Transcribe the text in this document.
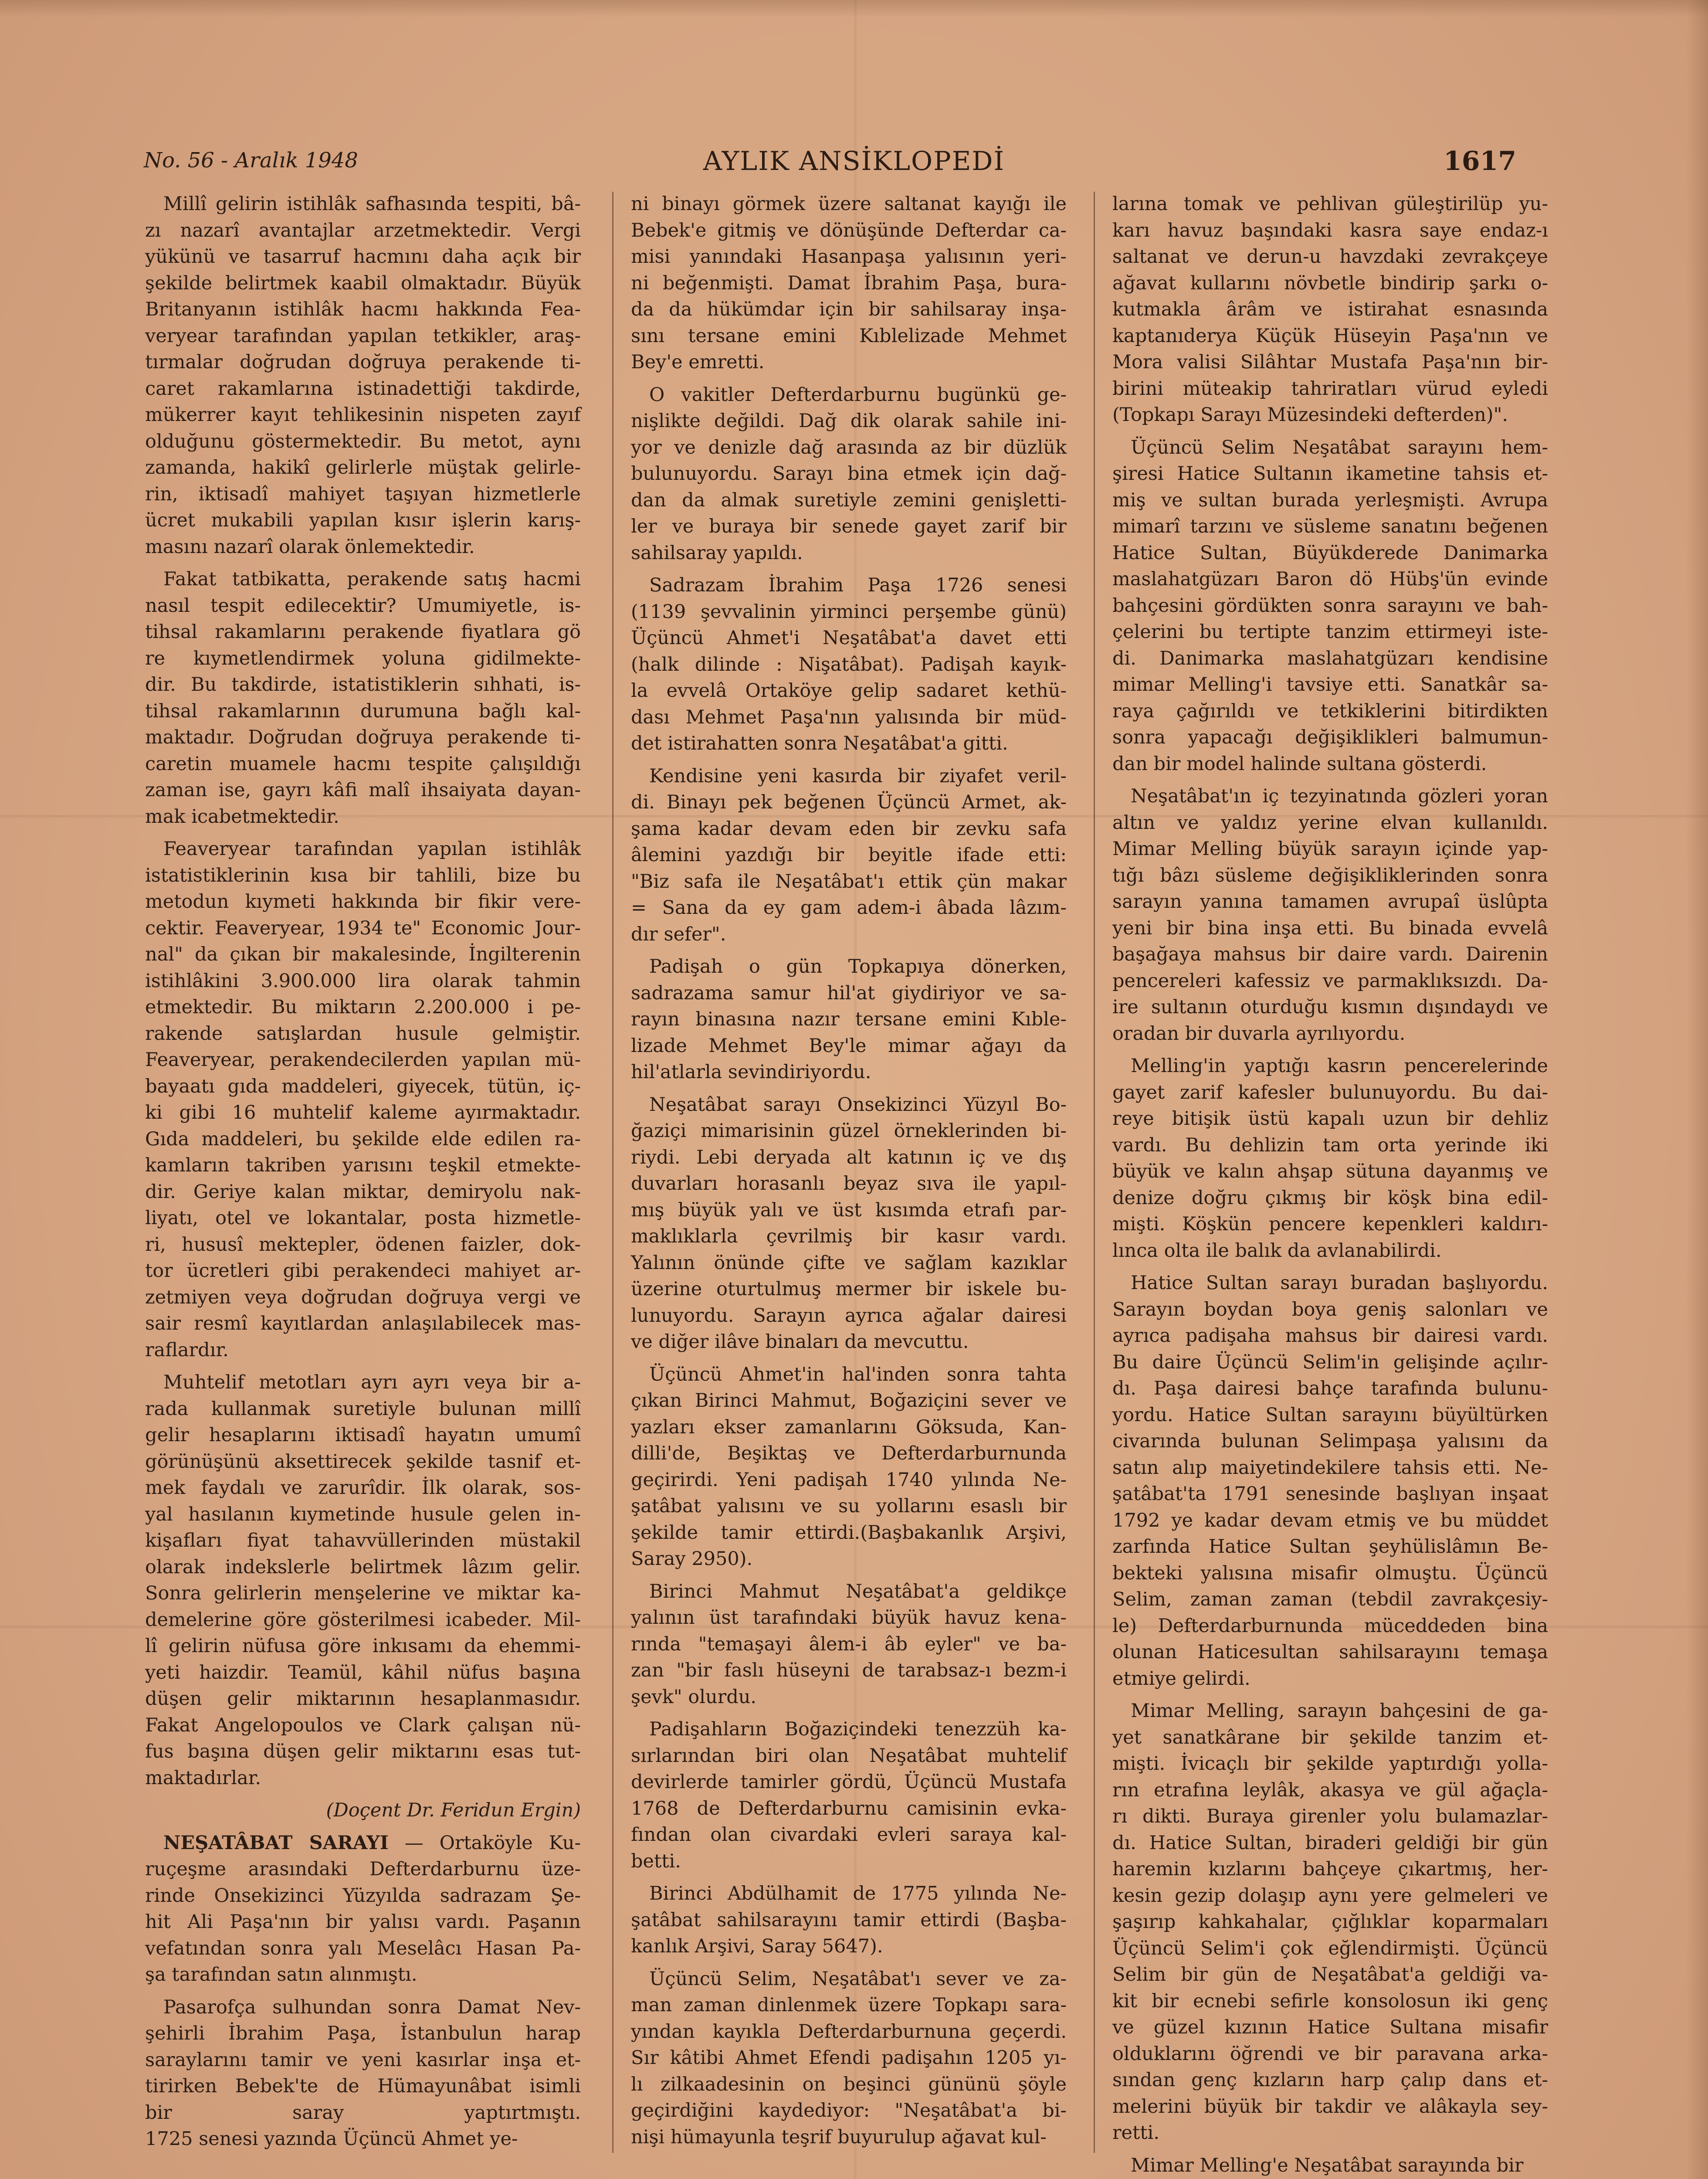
No. 56 - Aralık 1948	AYLIK ANSİKLOPEDİ	1617
Millî gelirin istihlâk safhasında tespiti, bâ-
zı nazarî avantajlar arzetmektedir. Vergi
yükünü ve tasarruf hacmını daha açık bir
şekilde belirtmek kaabil olmaktadır. Büyük
Britanyanın istihlâk hacmı hakkında Fea-
veryear tarafından yapılan tetkikler, araş-
tırmalar doğrudan doğruya perakende ti-
caret rakamlarına istinadettiği takdirde,
mükerrer kayıt tehlikesinin nispeten zayıf
olduğunu göstermektedir. Bu metot, aynı
zamanda, hakikî gelirlerle müştak gelirle-
rin, iktisadî mahiyet taşıyan hizmetlerle
ücret mukabili yapılan kısır işlerin karış-
masını nazarî olarak önlemektedir.
Fakat tatbikatta, perakende satış hacmi
nasıl tespit edilecektir? Umumiyetle, is-
tihsal rakamlarını perakende fiyatlara gö
re kıymetlendirmek yoluna gidilmekte-
dir. Bu takdirde, istatistiklerin sıhhati, is-
tihsal rakamlarının durumuna bağlı kal-
maktadır. Doğrudan doğruya perakende ti-
caretin muamele hacmı tespite çalışıldığı
zaman ise, gayrı kâfi malî ihsaiyata dayan-
mak icabetmektedir.
Feaveryear tarafından yapılan istihlâk
istatistiklerinin kısa bir tahlili, bize bu
metodun kıymeti hakkında bir fikir vere-
cektir. Feaveryear, 1934 te" Economic Jour-
nal" da çıkan bir makalesinde, İngilterenin
istihlâkini 3.900.000 lira olarak tahmin
etmektedir. Bu miktarın 2.200.000 i pe-
rakende satışlardan husule gelmiştir.
Feaveryear, perakendecilerden yapılan mü-
bayaatı gıda maddeleri, giyecek, tütün, iç-
ki gibi 16 muhtelif kaleme ayırmaktadır.
Gıda maddeleri, bu şekilde elde edilen ra-
kamların takriben yarısını teşkil etmekte-
dir. Geriye kalan miktar, demiryolu nak-
liyatı, otel ve lokantalar, posta hizmetle-
ri, hususî mektepler, ödenen faizler, dok-
tor ücretleri gibi perakendeci mahiyet ar-
zetmiyen veya doğrudan doğruya vergi ve
sair resmî kayıtlardan anlaşılabilecek mas-
raflardır.
Muhtelif metotları ayrı ayrı veya bir a-
rada kullanmak suretiyle bulunan millî
gelir hesaplarını iktisadî hayatın umumî
görünüşünü aksettirecek şekilde tasnif et-
mek faydalı ve zarurîdir. İlk olarak, sos-
yal hasılanın kıymetinde husule gelen in-
kişafları fiyat tahavvüllerinden müstakil
olarak indekslerle belirtmek lâzım gelir.
Sonra gelirlerin menşelerine ve miktar ka-
demelerine göre gösterilmesi icabeder. Mil-
lî gelirin nüfusa göre inkısamı da ehemmi-
yeti haizdir. Teamül, kâhil nüfus başına
düşen gelir miktarının hesaplanmasıdır.
Fakat Angelopoulos ve Clark çalışan nü-
fus başına düşen gelir miktarını esas tut-
maktadırlar.
(Doçent Dr. Feridun Ergin)
NEŞATÂBAT SARAYI — Ortaköyle Ku-
ruçeşme arasındaki Defterdarburnu üze-
rinde Onsekizinci Yüzyılda sadrazam Şe-
hit Ali Paşa'nın bir yalısı vardı. Paşanın
vefatından sonra yalı Meselâcı Hasan Pa-
şa tarafından satın alınmıştı.
Pasarofça sulhundan sonra Damat Nev-
şehirli İbrahim Paşa, İstanbulun harap
saraylarını tamir ve yeni kasırlar inşa et-
tirirken Bebek'te de Hümayunâbat isimli
bir saray yaptırtmıştı.
1725 senesi yazında Üçüncü Ahmet ye-
ni binayı görmek üzere saltanat kayığı ile
Bebek'e gitmiş ve dönüşünde Defterdar ca-
misi yanındaki Hasanpaşa yalısının yeri-
ni beğenmişti. Damat İbrahim Paşa, bura-
da da hükümdar için bir sahilsaray inşa-
sını tersane emini Kıblelizade Mehmet
Bey'e emretti.
O vakitler Defterdarburnu bugünkü ge-
nişlikte değildi. Dağ dik olarak sahile ini-
yor ve denizle dağ arasında az bir düzlük
bulunuyordu. Sarayı bina etmek için dağ-
dan da almak suretiyle zemini genişletti-
ler ve buraya bir senede gayet zarif bir
sahilsaray yapıldı.
Sadrazam İbrahim Paşa 1726 senesi
(1139 şevvalinin yirminci perşembe günü)
Üçüncü Ahmet'i Neşatâbat'a davet etti
(halk dilinde : Nişatâbat). Padişah kayık-
la evvelâ Ortaköye gelip sadaret kethü-
dası Mehmet Paşa'nın yalısında bir müd-
det istirahatten sonra Neşatâbat'a gitti.
Kendisine yeni kasırda bir ziyafet veril-
di. Binayı pek beğenen Üçüncü Armet, ak-
şama kadar devam eden bir zevku safa
âlemini yazdığı bir beyitle ifade etti:
"Biz safa ile Neşatâbat'ı ettik çün makar
= Sana da ey gam adem-i âbada lâzım-
dır sefer".
Padişah o gün Topkapıya dönerken,
sadrazama samur hil'at giydiriyor ve sa-
rayın binasına nazır tersane emini Kıble-
lizade Mehmet Bey'le mimar ağayı da
hil'atlarla sevindiriyordu.
Neşatâbat sarayı Onsekizinci Yüzyıl Bo-
ğaziçi mimarisinin güzel örneklerinden bi-
riydi. Lebi deryada alt katının iç ve dış
duvarları horasanlı beyaz sıva ile yapıl-
mış büyük yalı ve üst kısımda etrafı par-
maklıklarla çevrilmiş bir kasır vardı.
Yalının önünde çifte ve sağlam kazıklar
üzerine oturtulmuş mermer bir iskele bu-
lunuyordu. Sarayın ayrıca ağalar dairesi
ve diğer ilâve binaları da mevcuttu.
Üçüncü Ahmet'in hal'inden sonra tahta
çıkan Birinci Mahmut, Boğaziçini sever ve
yazları ekser zamanlarını Göksuda, Kan-
dilli'de, Beşiktaş ve Defterdarburnunda
geçirirdi. Yeni padişah 1740 yılında Ne-
şatâbat yalısını ve su yollarını esaslı bir
şekilde tamir ettirdi.(Başbakanlık Arşivi,
Saray 2950).
Birinci Mahmut Neşatâbat'a geldikçe
yalının üst tarafındaki büyük havuz kena-
rında "temaşayi âlem-i âb eyler" ve ba-
zan "bir faslı hüseyni de tarabsaz-ı bezm-i
şevk" olurdu.
Padişahların Boğaziçindeki tenezzüh ka-
sırlarından biri olan Neşatâbat muhtelif
devirlerde tamirler gördü, Üçüncü Mustafa
1768 de Defterdarburnu camisinin evka-
fından olan civardaki evleri saraya kal-
betti.
Birinci Abdülhamit de 1775 yılında Ne-
şatâbat sahilsarayını tamir ettirdi (Başba-
kanlık Arşivi, Saray 5647).
Üçüncü Selim, Neşatâbat'ı sever ve za-
man zaman dinlenmek üzere Topkapı sara-
yından kayıkla Defterdarburnuna geçerdi.
Sır kâtibi Ahmet Efendi padişahın 1205 yı-
lı zilkaadesinin on beşinci gününü şöyle
geçirdiğini kaydediyor: "Neşatâbat'a bi-
nişi hümayunla teşrif buyurulup ağavat kul-
larına tomak ve pehlivan güleştirilüp yu-
karı havuz başındaki kasra saye endaz-ı
saltanat ve derun-u havzdaki zevrakçeye
ağavat kullarını növbetle bindirip şarkı o-
kutmakla ârâm ve istirahat esnasında
kaptanıderya Küçük Hüseyin Paşa'nın ve
Mora valisi Silâhtar Mustafa Paşa'nın bir-
birini müteakip tahriratları vürud eyledi
(Topkapı Sarayı Müzesindeki defterden)".
Üçüncü Selim Neşatâbat sarayını hem-
şiresi Hatice Sultanın ikametine tahsis et-
miş ve sultan burada yerleşmişti. Avrupa
mimarî tarzını ve süsleme sanatını beğenen
Hatice Sultan, Büyükderede Danimarka
maslahatgüzarı Baron dö Hübş'ün evinde
bahçesini gördükten sonra sarayını ve bah-
çelerini bu tertipte tanzim ettirmeyi iste-
di. Danimarka maslahatgüzarı kendisine
mimar Melling'i tavsiye etti. Sanatkâr sa-
raya çağırıldı ve tetkiklerini bitirdikten
sonra yapacağı değişiklikleri balmumun-
dan bir model halinde sultana gösterdi.
Neşatâbat'ın iç tezyinatında gözleri yoran
altın ve yaldız yerine elvan kullanıldı.
Mimar Melling büyük sarayın içinde yap-
tığı bâzı süsleme değişikliklerinden sonra
sarayın yanına tamamen avrupaî üslûpta
yeni bir bina inşa etti. Bu binada evvelâ
başağaya mahsus bir daire vardı. Dairenin
pencereleri kafessiz ve parmaklıksızdı. Da-
ire sultanın oturduğu kısmın dışındaydı ve
oradan bir duvarla ayrılıyordu.
Melling'in yaptığı kasrın pencerelerinde
gayet zarif kafesler bulunuyordu. Bu dai-
reye bitişik üstü kapalı uzun bir dehliz
vardı. Bu dehlizin tam orta yerinde iki
büyük ve kalın ahşap sütuna dayanmış ve
denize doğru çıkmış bir köşk bina edil-
mişti. Köşkün pencere kepenkleri kaldırı-
lınca olta ile balık da avlanabilirdi.
Hatice Sultan sarayı buradan başlıyordu.
Sarayın boydan boya geniş salonları ve
ayrıca padişaha mahsus bir dairesi vardı.
Bu daire Üçüncü Selim'in gelişinde açılır-
dı. Paşa dairesi bahçe tarafında bulunu-
yordu. Hatice Sultan sarayını büyültürken
civarında bulunan Selimpaşa yalısını da
satın alıp maiyetindekilere tahsis etti. Ne-
şatâbat'ta 1791 senesinde başlıyan inşaat
1792 ye kadar devam etmiş ve bu müddet
zarfında Hatice Sultan şeyhülislâmın Be-
bekteki yalısına misafir olmuştu. Üçüncü
Selim, zaman zaman (tebdil zavrakçesiy-
le) Defterdarburnunda müceddeden bina
olunan Haticesultan sahilsarayını temaşa
etmiye gelirdi.
Mimar Melling, sarayın bahçesini de ga-
yet sanatkârane bir şekilde tanzim et-
mişti. İvicaçlı bir şekilde yaptırdığı yolla-
rın etrafına leylâk, akasya ve gül ağaçla-
rı dikti. Buraya girenler yolu bulamazlar-
dı. Hatice Sultan, biraderi geldiği bir gün
haremin kızlarını bahçeye çıkartmış, her-
kesin gezip dolaşıp aynı yere gelmeleri ve
şaşırıp kahkahalar, çığlıklar koparmaları
Üçüncü Selim'i çok eğlendirmişti. Üçüncü
Selim bir gün de Neşatâbat'a geldiği va-
kit bir ecnebi sefirle konsolosun iki genç
ve güzel kızının Hatice Sultana misafir
olduklarını öğrendi ve bir paravana arka-
sından genç kızların harp çalıp dans et-
melerini büyük bir takdir ve alâkayla sey-
retti.
Mimar Melling'e Neşatâbat sarayında bir
